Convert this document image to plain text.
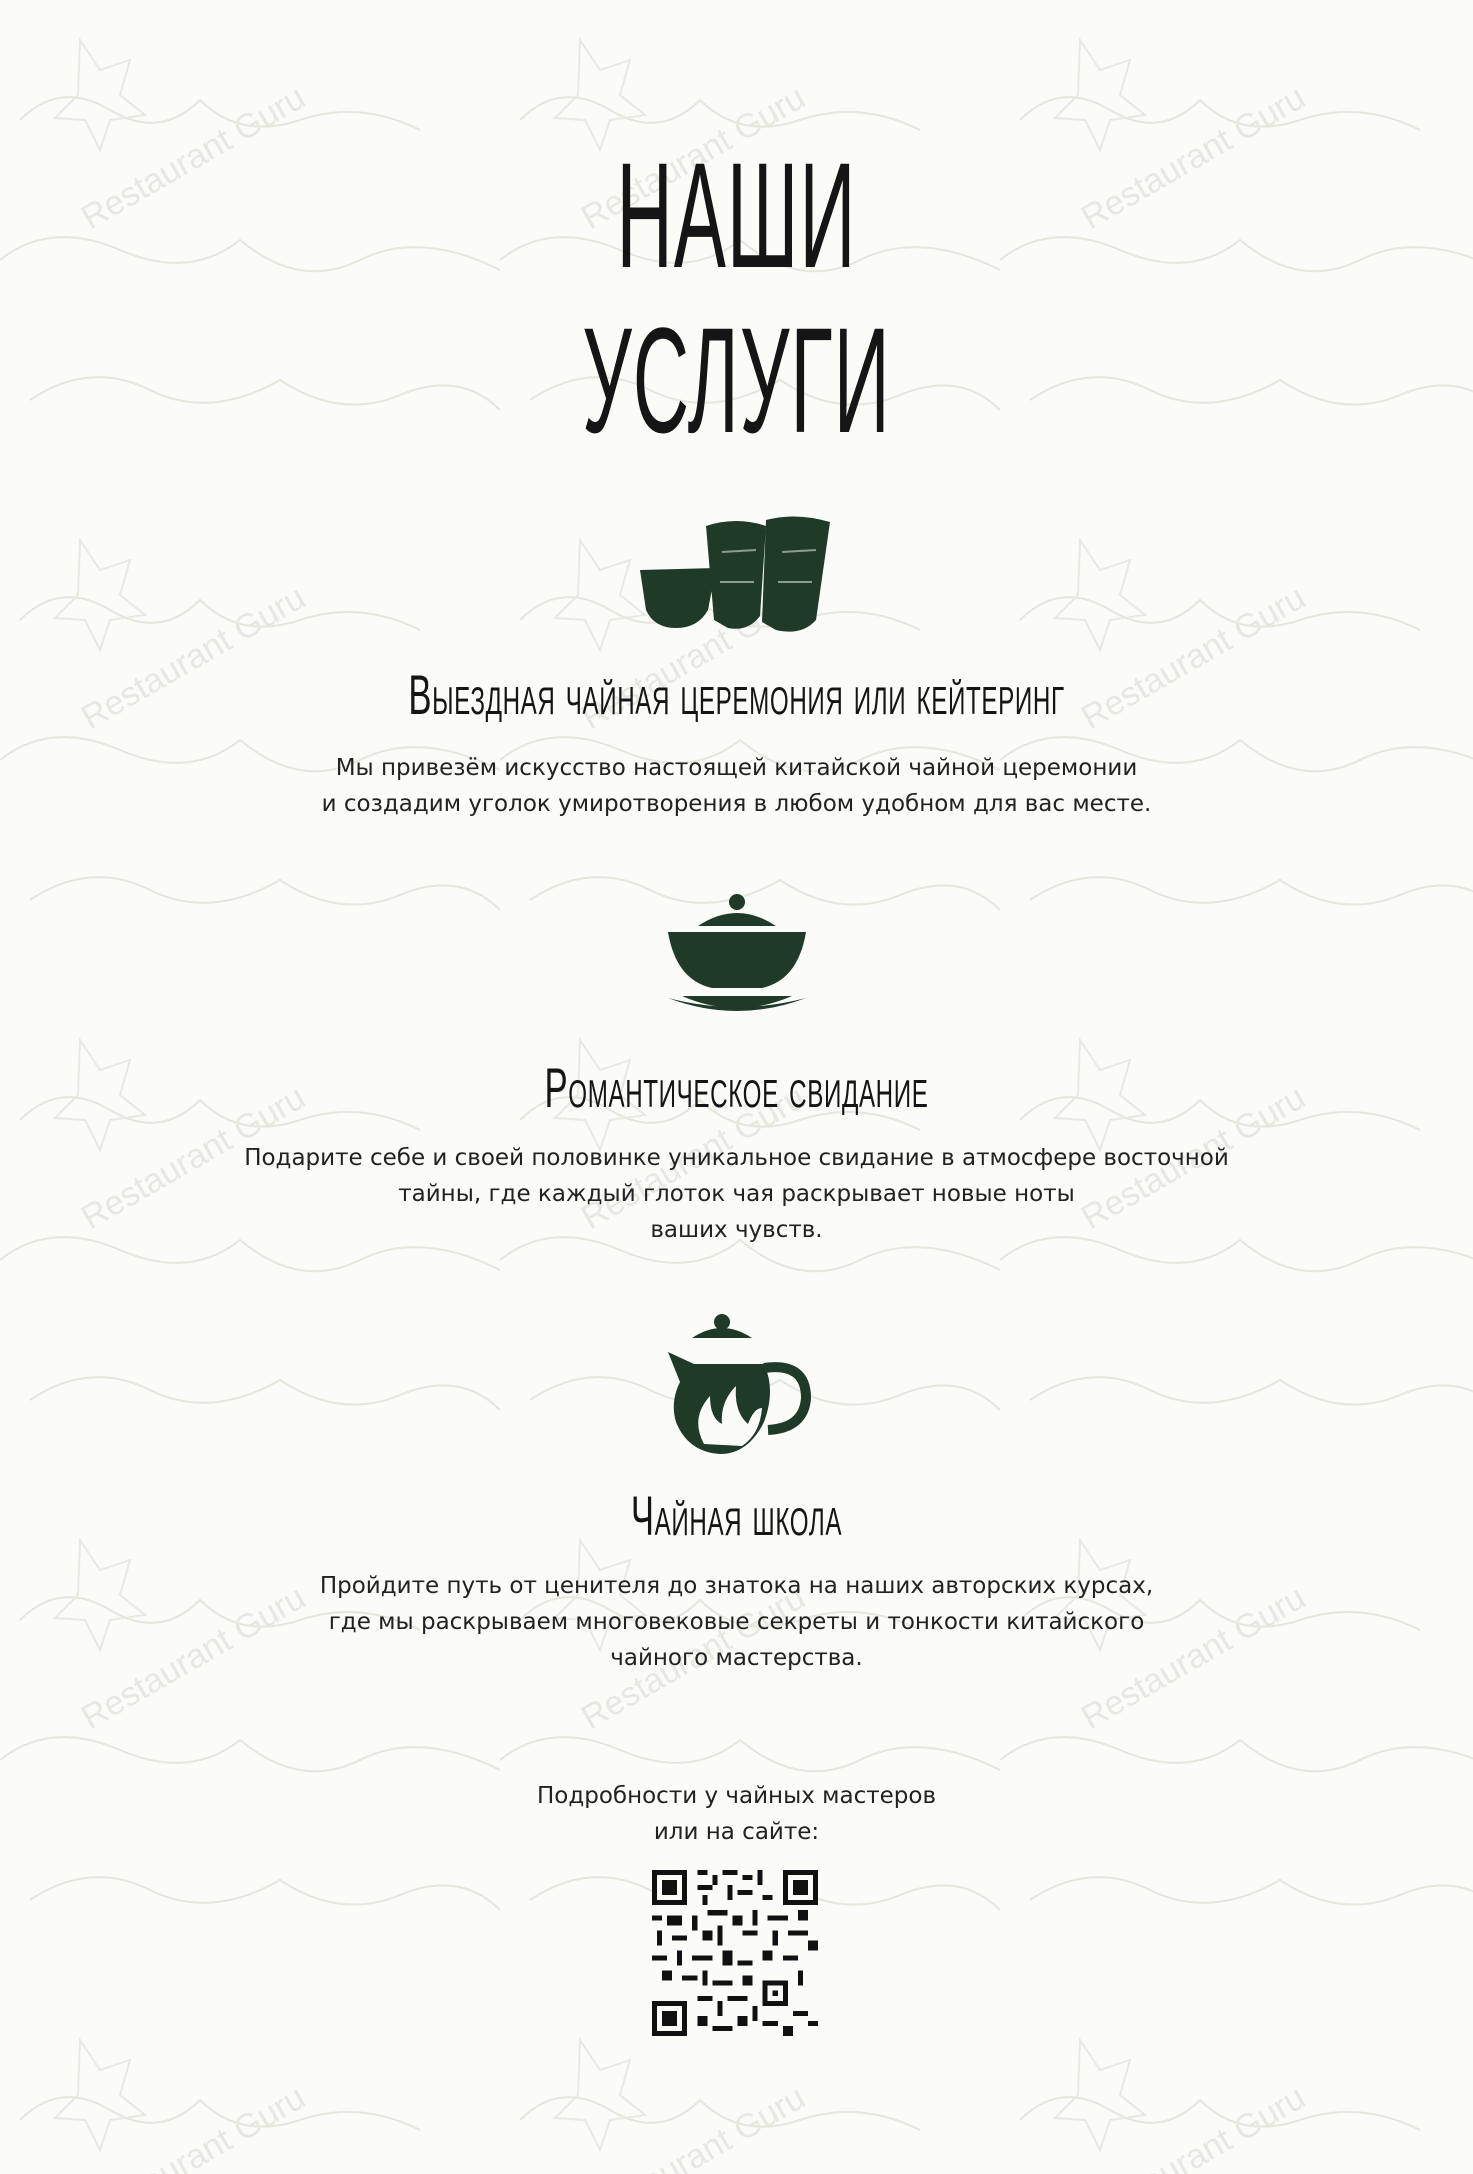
НАШИ
УСЛУГИ
Выездная чайная церемония или кейтеринг
Мы привезём искусство настоящей китайской чайной церемонии
и создадим уголок умиротворения в любом удобном для вас месте.
Романтическое свидание
Подарите себе и своей половинке уникальное свидание в атмосфере восточной
тайны, где каждый глоток чая раскрывает новые ноты
ваших чувств.
Чайная школа
Пройдите путь от ценителя до знатока на наших авторских курсах,
где мы раскрываем многовековые секреты и тонкости китайского
чайного мастерства.
Подробности у чайных мастеров
или на сайте:
